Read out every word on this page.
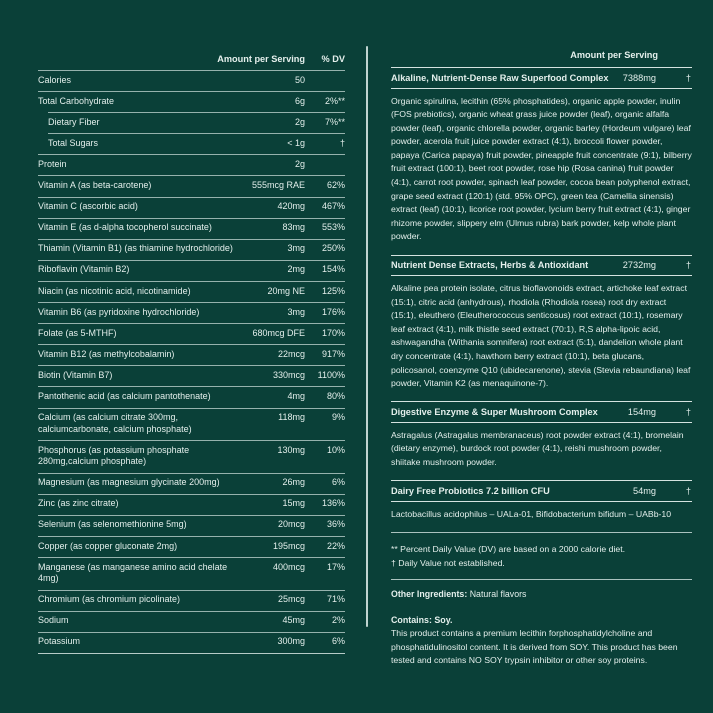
Amount per Serving % DV
Calories	50
Total Carbohydrate	6g 2%**
Dietary Fiber	2g 7%**
Total Sugars	< 1g	†
Protein	2g
Vitamin A (as beta-carotene)	555mcg RAE 62%
Vitamin C (ascorbic acid)	420mg 467%
Vitamin E (as d-alpha tocopherol succinate)	83mg 553%
Thiamin (Vitamin B1) (as thiamine hydrochloride)	3mg 250%
Riboflavin (Vitamin B2)	2mg 154%
Niacin (as nicotinic acid, nicotinamide)	20mg NE 125%
Vitamin B6 (as pyridoxine hydrochloride)	3mg 176%
Folate (as 5-MTHF)	680mcg DFE 170%
Vitamin B12 (as methylcobalamin)	22mcg 917%
Biotin (Vitamin B7)	330mcg 1100%
Pantothenic acid (as calcium pantothenate)	4mg 80%
Calcium (as calcium citrate 300mg, calciumcarbonate, calcium phosphate)
118mg	9%
Phosphorus (as potassium phosphate 280mg,calcium phosphate)
130mg 10%
Magnesium (as magnesium glycinate 200mg)	26mg	6%
Zinc (as zinc citrate)	15mg 136%
Selenium (as selenomethionine 5mg)	20mcg 36%
Copper (as copper gluconate 2mg)	195mcg 22%
Manganese (as manganese amino acid chelate 4mg)
400mcg 17%
Chromium (as chromium picolinate)	25mcg 71%
Sodium	45mg	2%
Potassium	300mg	6%
Amount per Serving
Alkaline, Nutrient-Dense Raw Superfood Complex 7388mg	†
Organic spirulina, lecithin (65% phosphatides), organic apple powder, inulin (FOS prebiotics), organic wheat grass juice powder (leaf), organic alfalfa powder (leaf), organic chlorella powder, organic barley (Hordeum vulgare) leaf powder, acerola fruit juice powder extract (4:1), broccoli flower powder, papaya (Carica papaya) fruit powder, pineapple fruit concentrate (9:1), bilberry fruit extract (100:1), beet root powder, rose hip (Rosa canina) fruit powder (4:1), carrot root powder, spinach leaf powder, cocoa bean polyphenol extract, grape seed extract (120:1) (std. 95% OPC), green tea (Camellia sinensis) extract (leaf) (10:1), licorice root powder, lycium berry fruit extract (4:1), ginger rhizome powder, slippery elm (Ulmus rubra) bark powder, kelp whole plant powder.
Nutrient Dense Extracts, Herbs & Antioxidant	2732mg	†
Alkaline pea protein isolate, citrus bioflavonoids extract, artichoke leaf extract (15:1), citric acid (anhydrous), rhodiola (Rhodiola rosea) root dry extract (15:1), eleuthero (Eleutherococcus senticosus) root extract (10:1), rosemary leaf extract (4:1), milk thistle seed extract (70:1), R,S alpha-lipoic acid, ashwagandha (Withania somnifera) root extract (5:1), dandelion whole plant dry concentrate (4:1), hawthorn berry extract (10:1), beta glucans, policosanol, coenzyme Q10 (ubidecarenone), stevia (Stevia rebaundiana) leaf powder, Vitamin K2 (as menaquinone-7).
Digestive Enzyme & Super Mushroom Complex	154mg	†
Astragalus (Astragalus membranaceus) root powder extract (4:1), bromelain (dietary enzyme), burdock root powder (4:1), reishi mushroom powder, shiitake mushroom powder.
Dairy Free Probiotics 7.2 billion CFU	54mg	†
Lactobacillus acidophilus – UALa-01, Bifidobacterium bifidum – UABb-10
** Percent Daily Value (DV) are based on a 2000 calorie diet.
† Daily Value not established.
Other Ingredients: Natural flavors
Contains: Soy.
This product contains a premium lecithin forphosphatidylcholine and phosphatidulinositol content. It is derived from SOY. This product has been tested and contains NO SOY trypsin inhibitor or other soy proteins.
